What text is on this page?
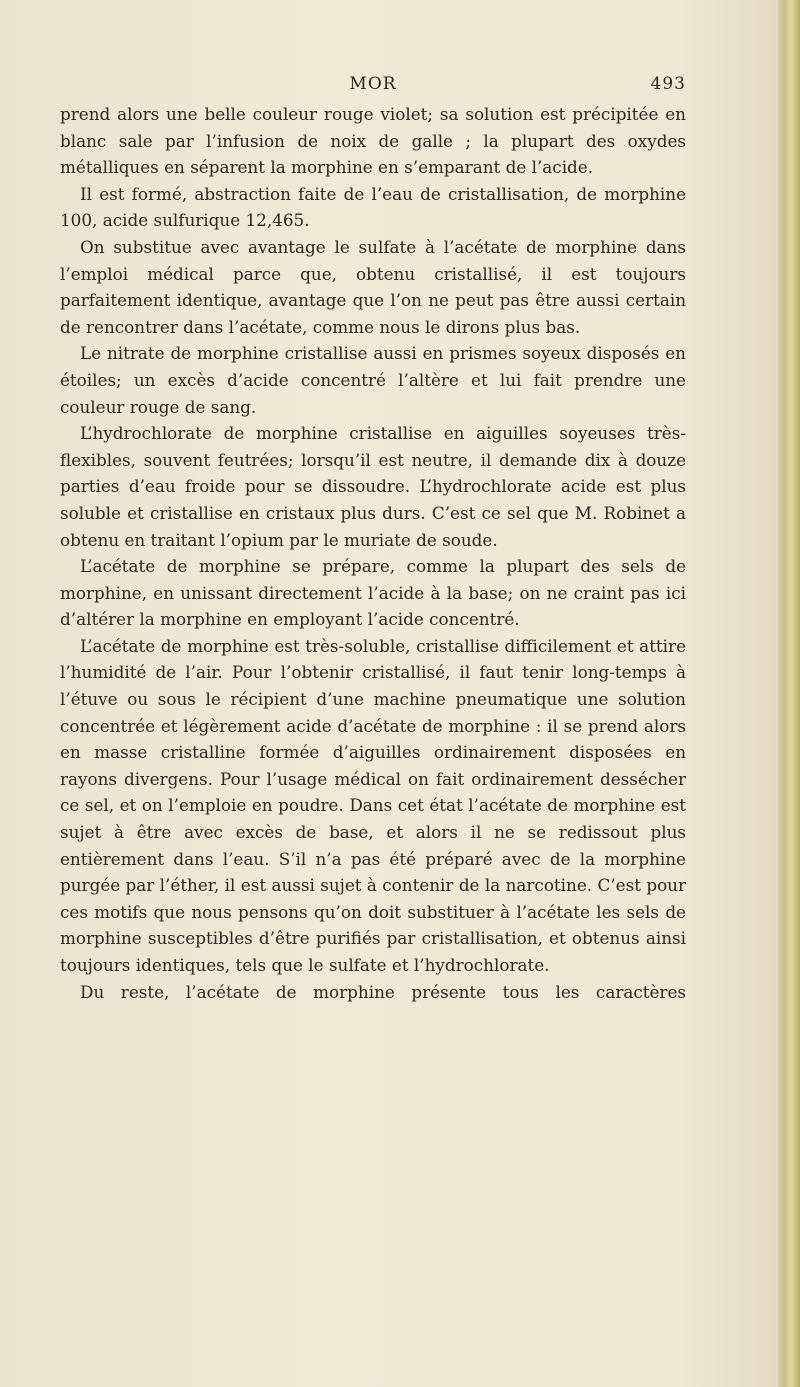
MOR	493

prend alors une belle couleur rouge violet; sa solution est précipitée en blanc sale par l’infusion de noix de galle ; la plupart des oxydes métalliques en séparent la morphine en s’emparant de l’acide.

Il est formé, abstraction faite de l’eau de cristallisation, de morphine 100, acide sulfurique 12,465.

On substitue avec avantage le sulfate à l’acétate de morphine dans l’emploi médical parce que, obtenu cristallisé, il est toujours parfaitement identique, avantage que l’on ne peut pas être aussi certain de rencontrer dans l’acétate, comme nous le dirons plus bas.

Le nitrate de morphine cristallise aussi en prismes soyeux disposés en étoiles; un excès d’acide concentré l’altère et lui fait prendre une couleur rouge de sang.

L’hydrochlorate de morphine cristallise en aiguilles soyeuses très-flexibles, souvent feutrées; lorsqu’il est neutre, il demande dix à douze parties d’eau froide pour se dissoudre. L’hydrochlorate acide est plus soluble et cristallise en cristaux plus durs. C’est ce sel que M. Robinet a obtenu en traitant l’opium par le muriate de soude.

L’acétate de morphine se prépare, comme la plupart des sels de morphine, en unissant directement l’acide à la base; on ne craint pas ici d’altérer la morphine en employant l’acide concentré.

L’acétate de morphine est très-soluble, cristallise difficilement et attire l’humidité de l’air. Pour l’obtenir cristallisé, il faut tenir long-temps à l’étuve ou sous le récipient d’une machine pneumatique une solution concentrée et légèrement acide d’acétate de morphine : il se prend alors en masse cristalline formée d’aiguilles ordinairement disposées en rayons divergens. Pour l’usage médical on fait ordinairement dessécher ce sel, et on l’emploie en poudre. Dans cet état l’acétate de morphine est sujet à être avec excès de base, et alors il ne se redissout plus entièrement dans l’eau. S’il n’a pas été préparé avec de la morphine purgée par l’éther, il est aussi sujet à contenir de la narcotine. C’est pour ces motifs que nous pensons qu’on doit substituer à l’acétate les sels de morphine susceptibles d’être purifiés par cristallisation, et obtenus ainsi toujours identiques, tels que le sulfate et l’hydrochlorate.

Du reste, l’acétate de morphine présente tous les caractères
